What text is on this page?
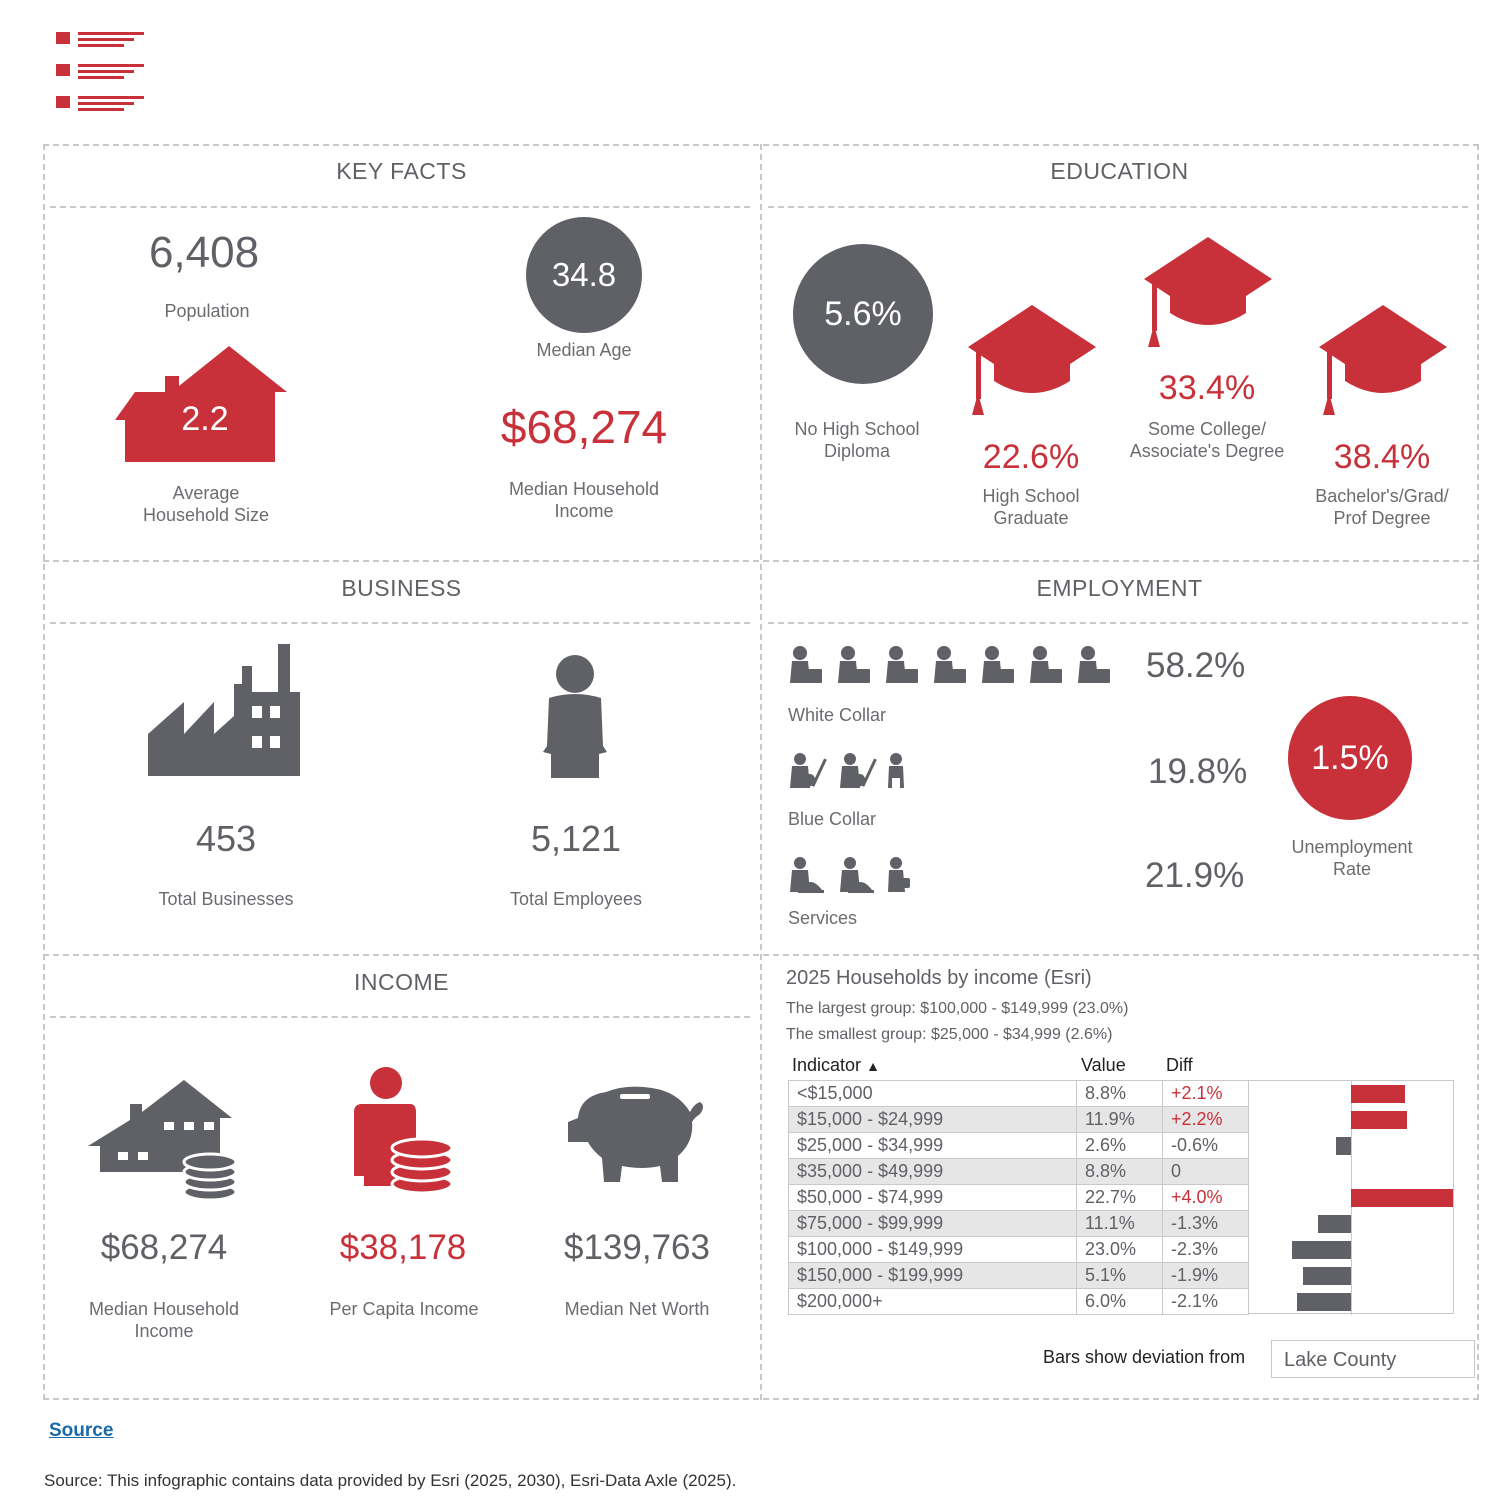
KEY FACTS
6,408
Population
34.8
Median Age
2.2
Average
Household Size
$68,274
Median Household
Income
EDUCATION
5.6%
No High School
Diploma	22.6%
High School
Graduate
33.4%
Some College/
Associate's Degree	38.4%
Bachelor's/Grad/
Prof Degree
BUSINESS
453
Total Businesses
5,121
Total Employees
EMPLOYMENT
58.2%
White Collar
19.8%
Blue Collar
21.9%
Services
1.5%
Unemployment
Rate
INCOME
$68,274
Median Household
Income
$38,178
Per Capita Income
$139,763
Median Net Worth
2025 Households by income (Esri)
The largest group: $100,000 - $149,999 (23.0%)
The smallest group: $25,000 - $34,999 (2.6%)
Indicator ▲	Value Diff
<$15,000	8.8%	+2.1%
$15,000 - $24,999	11.9%	+2.2%
$25,000 - $34,999	2.6%	-0.6%
$35,000 - $49,999	8.8%	0
$50,000 - $74,999	22.7%	+4.0%
$75,000 - $99,999	11.1%	-1.3%
$100,000 - $149,999	23.0%	-2.3%
$150,000 - $199,999	5.1%	-1.9%
$200,000+	6.0%	-2.1%
Bars show deviation from	Lake County
Source
Source: This infographic contains data provided by Esri (2025, 2030), Esri-Data Axle (2025).
